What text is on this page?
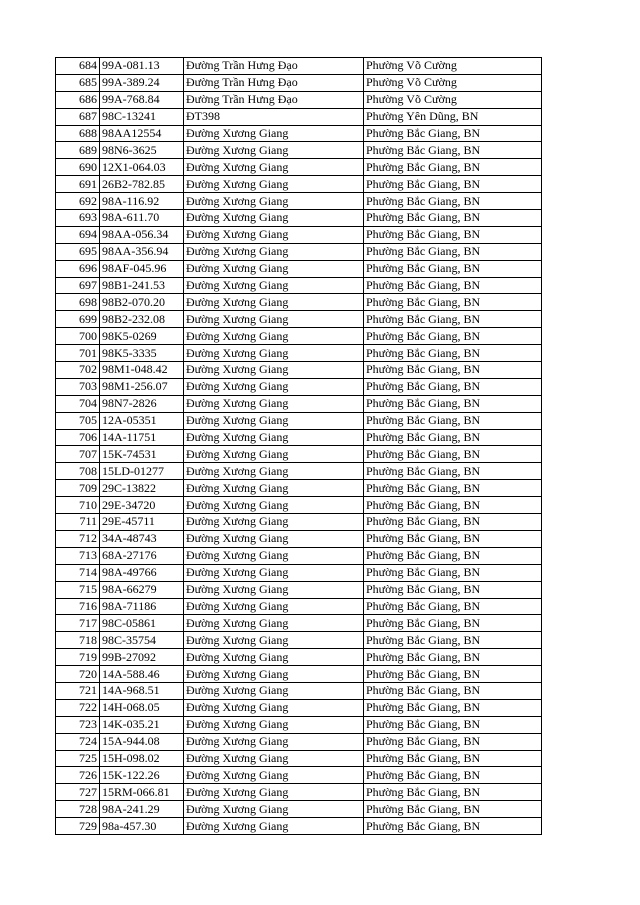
684	99A-081.13	Đường Trần Hưng Đạo	Phường Võ Cường
685	99A-389.24	Đường Trần Hưng Đạo	Phường Võ Cường
686	99A-768.84	Đường Trần Hưng Đạo	Phường Võ Cường
687	98C-13241	ĐT398	Phường Yên Dũng, BN
688	98AA12554	Đường Xương Giang	Phường Bắc Giang, BN
689	98N6-3625	Đường Xương Giang	Phường Bắc Giang, BN
690	12X1-064.03	Đường Xương Giang	Phường Bắc Giang, BN
691	26B2-782.85	Đường Xương Giang	Phường Bắc Giang, BN
692	98A-116.92	Đường Xương Giang	Phường Bắc Giang, BN
693	98A-611.70	Đường Xương Giang	Phường Bắc Giang, BN
694	98AA-056.34	Đường Xương Giang	Phường Bắc Giang, BN
695	98AA-356.94	Đường Xương Giang	Phường Bắc Giang, BN
696	98AF-045.96	Đường Xương Giang	Phường Bắc Giang, BN
697	98B1-241.53	Đường Xương Giang	Phường Bắc Giang, BN
698	98B2-070.20	Đường Xương Giang	Phường Bắc Giang, BN
699	98B2-232.08	Đường Xương Giang	Phường Bắc Giang, BN
700	98K5-0269	Đường Xương Giang	Phường Bắc Giang, BN
701	98K5-3335	Đường Xương Giang	Phường Bắc Giang, BN
702	98M1-048.42	Đường Xương Giang	Phường Bắc Giang, BN
703	98M1-256.07	Đường Xương Giang	Phường Bắc Giang, BN
704	98N7-2826	Đường Xương Giang	Phường Bắc Giang, BN
705	12A-05351	Đường Xương Giang	Phường Bắc Giang, BN
706	14A-11751	Đường Xương Giang	Phường Bắc Giang, BN
707	15K-74531	Đường Xương Giang	Phường Bắc Giang, BN
708	15LD-01277	Đường Xương Giang	Phường Bắc Giang, BN
709	29C-13822	Đường Xương Giang	Phường Bắc Giang, BN
710	29E-34720	Đường Xương Giang	Phường Bắc Giang, BN
711	29E-45711	Đường Xương Giang	Phường Bắc Giang, BN
712	34A-48743	Đường Xương Giang	Phường Bắc Giang, BN
713	68A-27176	Đường Xương Giang	Phường Bắc Giang, BN
714	98A-49766	Đường Xương Giang	Phường Bắc Giang, BN
715	98A-66279	Đường Xương Giang	Phường Bắc Giang, BN
716	98A-71186	Đường Xương Giang	Phường Bắc Giang, BN
717	98C-05861	Đường Xương Giang	Phường Bắc Giang, BN
718	98C-35754	Đường Xương Giang	Phường Bắc Giang, BN
719	99B-27092	Đường Xương Giang	Phường Bắc Giang, BN
720	14A-588.46	Đường Xương Giang	Phường Bắc Giang, BN
721	14A-968.51	Đường Xương Giang	Phường Bắc Giang, BN
722	14H-068.05	Đường Xương Giang	Phường Bắc Giang, BN
723	14K-035.21	Đường Xương Giang	Phường Bắc Giang, BN
724	15A-944.08	Đường Xương Giang	Phường Bắc Giang, BN
725	15H-098.02	Đường Xương Giang	Phường Bắc Giang, BN
726	15K-122.26	Đường Xương Giang	Phường Bắc Giang, BN
727	15RM-066.81	Đường Xương Giang	Phường Bắc Giang, BN
728	98A-241.29	Đường Xương Giang	Phường Bắc Giang, BN
729	98a-457.30	Đường Xương Giang	Phường Bắc Giang, BN
